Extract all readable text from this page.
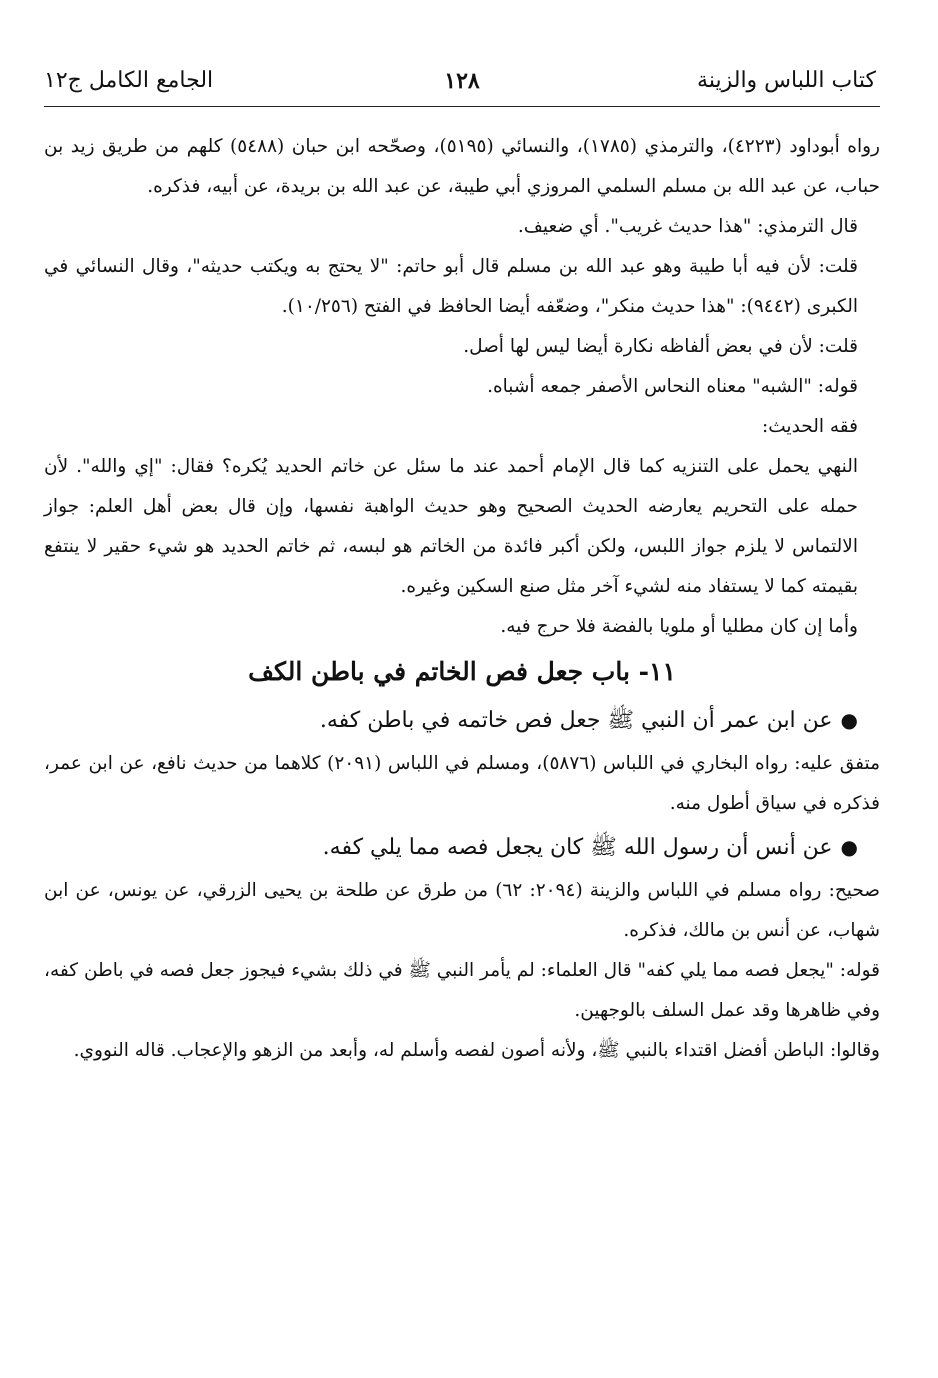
كتاب اللباس والزينة
١٢٨
الجامع الكامل ج١٢

رواه أبوداود (٤٢٢٣)، والترمذي (١٧٨٥)، والنسائي (٥١٩٥)، وصحّحه ابن حبان (٥٤٨٨) كلهم من طريق زيد بن حباب، عن عبد الله بن مسلم السلمي المروزي أبي طيبة، عن عبد الله بن بريدة، عن أبيه، فذكره.

قال الترمذي: "هذا حديث غريب". أي ضعيف.

قلت: لأن فيه أبا طيبة وهو عبد الله بن مسلم قال أبو حاتم: "لا يحتج به ويكتب حديثه"، وقال النسائي في الكبرى (٩٤٤٢): "هذا حديث منكر"، وضعّفه أيضا الحافظ في الفتح (١٠/٢٥٦).

قلت: لأن في بعض ألفاظه نكارة أيضا ليس لها أصل.

قوله: "الشبه" معناه النحاس الأصفر جمعه أشباه.

فقه الحديث:

النهي يحمل على التنزيه كما قال الإمام أحمد عند ما سئل عن خاتم الحديد يُكره؟ فقال: "إي والله". لأن حمله على التحريم يعارضه الحديث الصحيح وهو حديث الواهبة نفسها، وإن قال بعض أهل العلم: جواز الالتماس لا يلزم جواز اللبس، ولكن أكبر فائدة من الخاتم هو لبسه، ثم خاتم الحديد هو شيء حقير لا ينتفع بقيمته كما لا يستفاد منه لشيء آخر مثل صنع السكين وغيره.

وأما إن كان مطليا أو ملويا بالفضة فلا حرج فيه.

١١- باب جعل فص الخاتم في باطن الكف

●عن ابن عمر أن النبي ﷺ جعل فص خاتمه في باطن كفه.

متفق عليه: رواه البخاري في اللباس (٥٨٧٦)، ومسلم في اللباس (٢٠٩١) كلاهما من حديث نافع، عن ابن عمر، فذكره في سياق أطول منه.

●عن أنس أن رسول الله ﷺ كان يجعل فصه مما يلي كفه.

صحيح: رواه مسلم في اللباس والزينة (٢٠٩٤: ٦٢) من طرق عن طلحة بن يحيى الزرقي، عن يونس، عن ابن شهاب، عن أنس بن مالك، فذكره.

قوله: "يجعل فصه مما يلي كفه" قال العلماء: لم يأمر النبي ﷺ في ذلك بشيء فيجوز جعل فصه في باطن كفه، وفي ظاهرها وقد عمل السلف بالوجهين.

وقالوا: الباطن أفضل اقتداء بالنبي ﷺ، ولأنه أصون لفصه وأسلم له، وأبعد من الزهو والإعجاب. قاله النووي.
